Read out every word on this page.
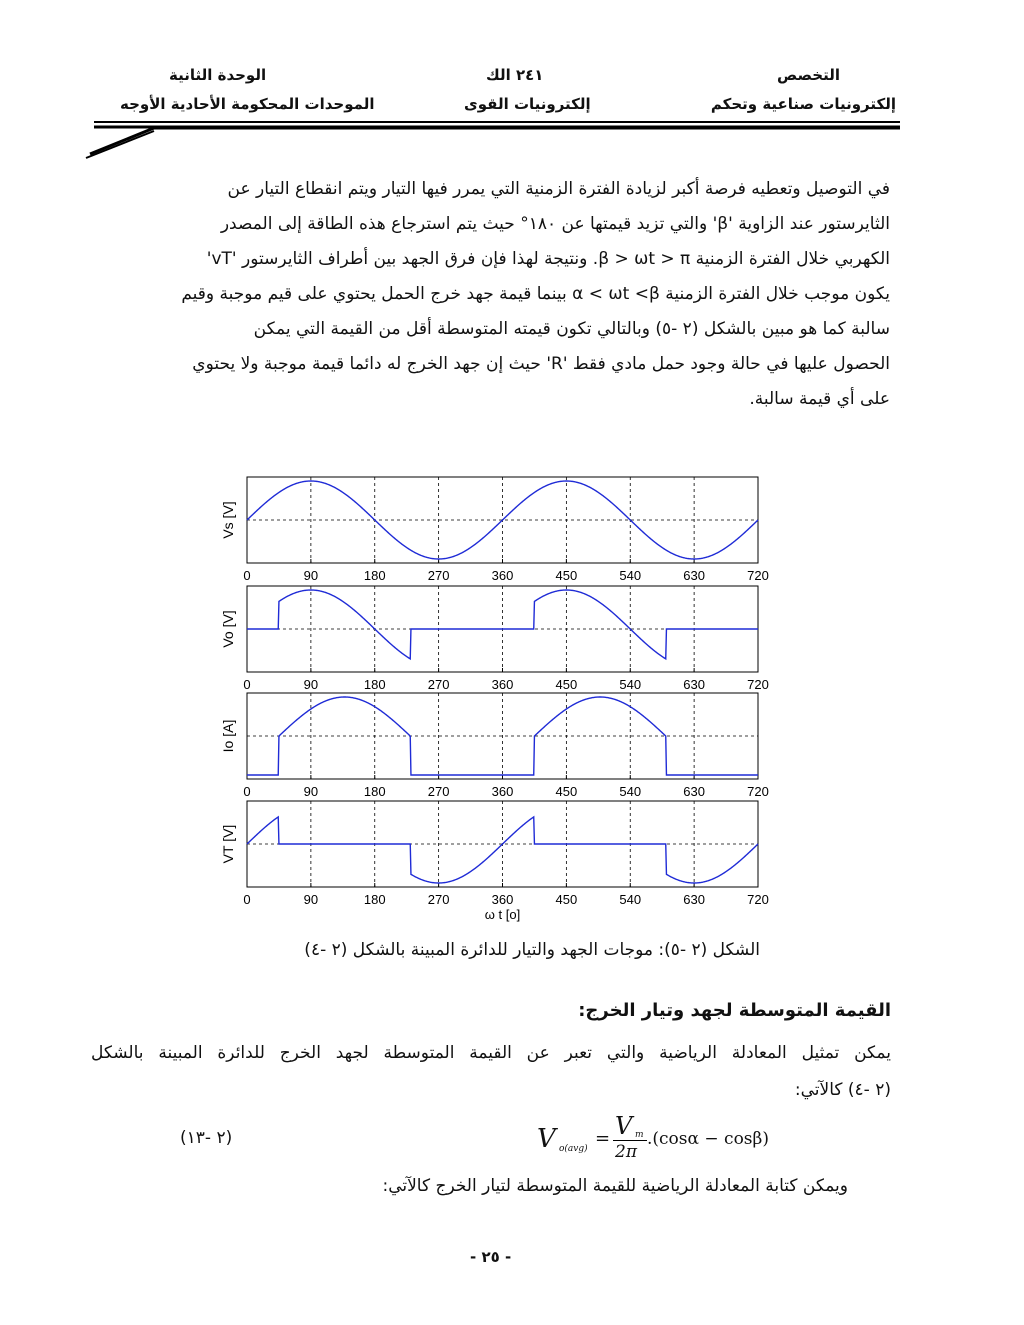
التخصص
إلكترونيات صناعية وتحكم
٢٤١ الك
إلكترونيات القوى
الوحدة الثانية
الموحدات المحكومة الأحادية الأوجه
في التوصيل وتعطيه فرصة أكبر لزيادة الفترة الزمنية التي يمرر فيها التيار ويتم انقطاع التيار عن
الثايرستور عند الزاوية 'β' والتي تزيد قيمتها عن ١٨٠° حيث يتم استرجاع هذه الطاقة إلى المصدر
الكهربي خلال الفترة الزمنية β > ωt > π. ونتيجة لهذا فإن فرق الجهد بين أطراف الثايرستور 'vT'
يكون موجب خلال الفترة الزمنية α < ωt <β بينما قيمة جهد خرج الحمل يحتوي على قيم موجبة وقيم
سالبة كما هو مبين بالشكل (٢ -٥) وبالتالي تكون قيمته المتوسطة أقل من القيمة التي يمكن
الحصول عليها في حالة وجود حمل مادي فقط 'R' حيث إن جهد الخرج له دائما قيمة موجبة ولا يحتوي
على أي قيمة سالبة.
0	90	180	270	360	450	540	630	720
Vs [V]
0	90	180	270	360	450	540	630	720
Vo [V]
0	90	180	270	360	450	540	630	720
Io [A]
0	90	180	270	360	450	540	630	720
VT [V]
ω t [o]
الشكل (٢ -٥): موجات الجهد والتيار للدائرة المبينة بالشكل (٢ -٤)
القيمة المتوسطة لجهد وتيار الخرج:
يمكن تمثيل المعادلة الرياضية والتي تعبر عن القيمة المتوسطة لجهد الخرج للدائرة المبينة بالشكل
(٢ -٤) كالآتي:
(٢ -١٣)	V o(avg) = V m
2π
.(cosα − cosβ)
ويمكن كتابة المعادلة الرياضية للقيمة المتوسطة لتيار الخرج كالآتي:
- ٢٥ -
